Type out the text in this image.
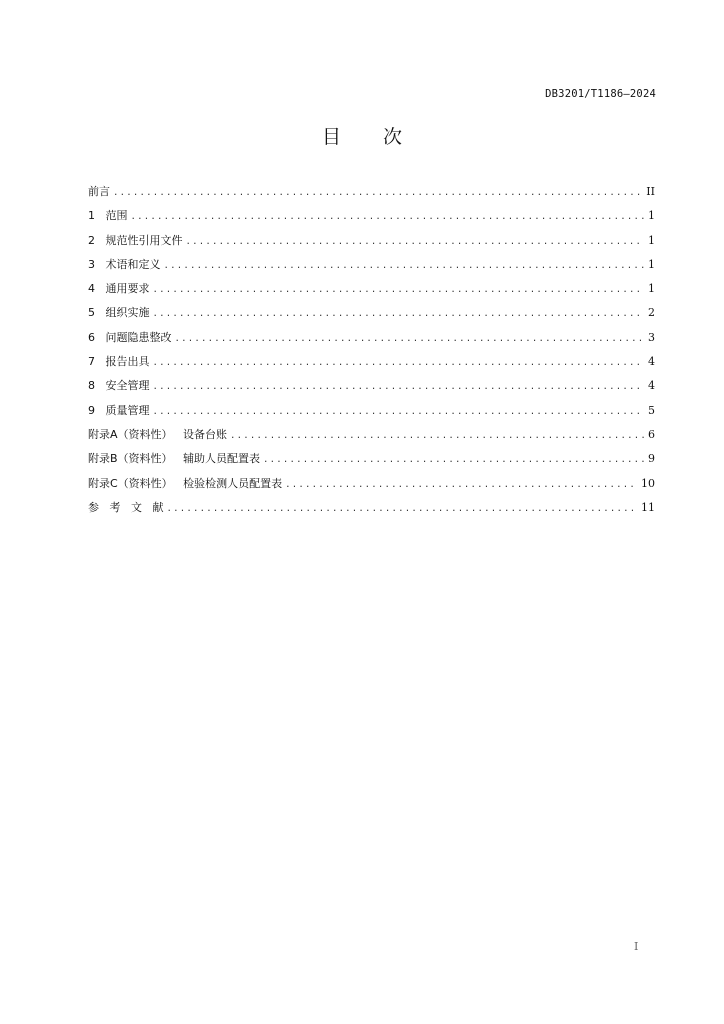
DB3201/T1186—2024
目 次
前言 .....	II
1   范围 .....	1
2   规范性引用文件 .....	1
3   术语和定义 .....	1
4   通用要求 .....	1
5   组织实施 .....	2
6   问题隐患整改 .....	3
7   报告出具 .....	4
8   安全管理 .....	4
9   质量管理 .....	5
附录A（资料性）   设备台账 .....	6
附录B（资料性）   辅助人员配置表 .....	9
附录C（资料性）   检验检测人员配置表 .....	10
参   考   文   献 .....	11
I
